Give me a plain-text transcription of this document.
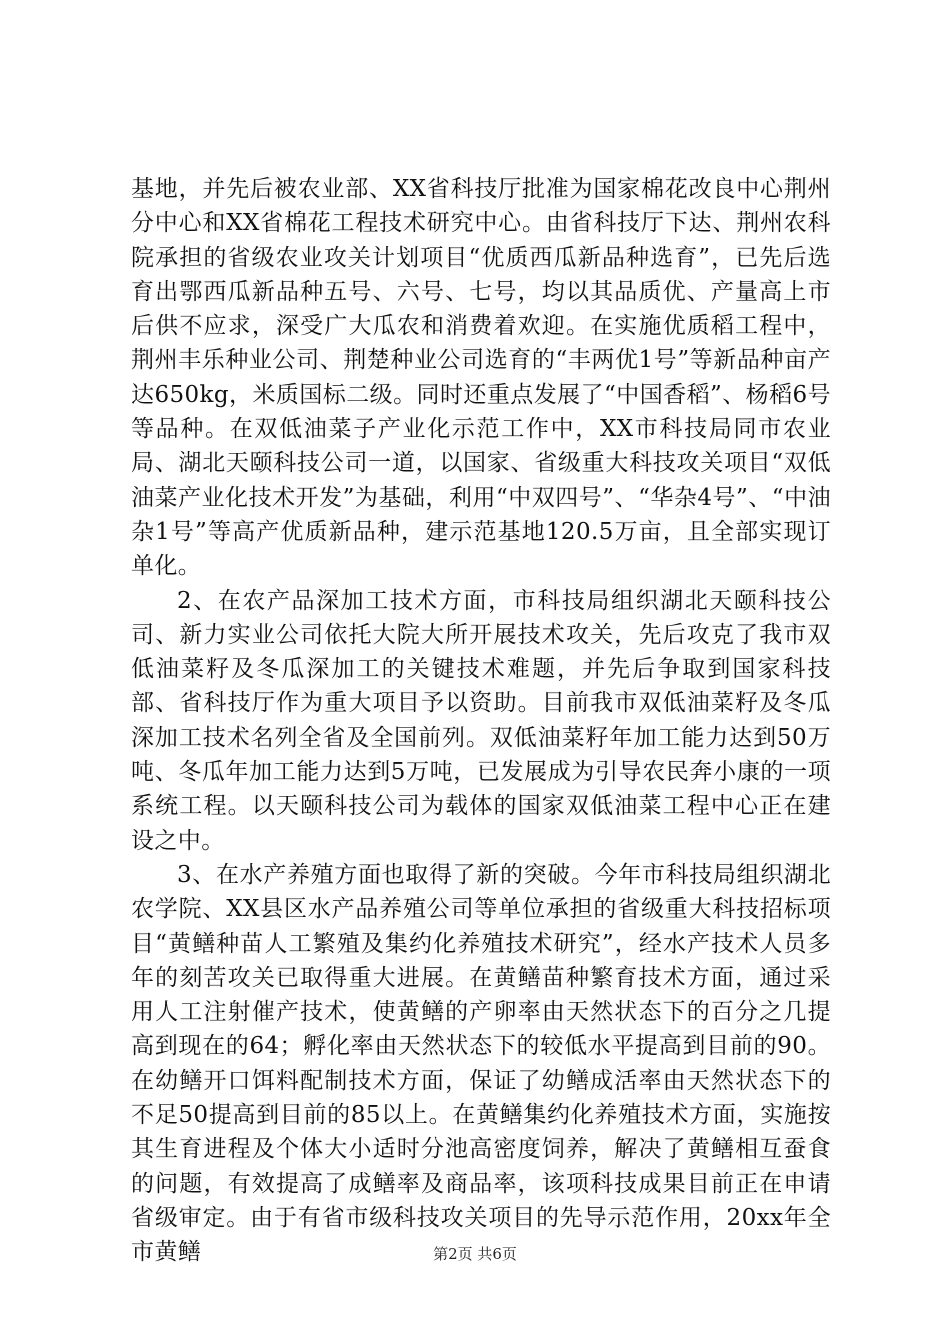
基地，并先后被农业部、XX省科技厅批准为国家棉花改良中心荆州分中心和XX省棉花工程技术研究中心。由省科技厅下达、荆州农科院承担的省级农业攻关计划项目“优质西瓜新品种选育”，已先后选育出鄂西瓜新品种五号、六号、七号，均以其品质优、产量高上市后供不应求，深受广大瓜农和消费着欢迎。在实施优质稻工程中，荆州丰乐种业公司、荆楚种业公司选育的“丰两优1号”等新品种亩产达650kg，米质国标二级。同时还重点发展了“中国香稻”、杨稻6号等品种。在双低油菜子产业化示范工作中，XX市科技局同市农业局、湖北天颐科技公司一道，以国家、省级重大科技攻关项目“双低油菜产业化技术开发”为基础，利用“中双四号”、“华杂4号”、“中油杂1号”等高产优质新品种，建示范基地120.5万亩，且全部实现订单化。

2、在农产品深加工技术方面，市科技局组织湖北天颐科技公司、新力实业公司依托大院大所开展技术攻关，先后攻克了我市双低油菜籽及冬瓜深加工的关键技术难题，并先后争取到国家科技部、省科技厅作为重大项目予以资助。目前我市双低油菜籽及冬瓜深加工技术名列全省及全国前列。双低油菜籽年加工能力达到50万吨、冬瓜年加工能力达到5万吨，已发展成为引导农民奔小康的一项系统工程。以天颐科技公司为载体的国家双低油菜工程中心正在建设之中。

3、在水产养殖方面也取得了新的突破。今年市科技局组织湖北农学院、XX县区水产品养殖公司等单位承担的省级重大科技招标项目“黄鳝种苗人工繁殖及集约化养殖技术研究”，经水产技术人员多年的刻苦攻关已取得重大进展。在黄鳝苗种繁育技术方面，通过采用人工注射催产技术，使黄鳝的产卵率由天然状态下的百分之几提高到现在的64；孵化率由天然状态下的较低水平提高到目前的90。在幼鳝开口饵料配制技术方面，保证了幼鳝成活率由天然状态下的不足50提高到目前的85以上。在黄鳝集约化养殖技术方面，实施按其生育进程及个体大小适时分池高密度饲养，解决了黄鳝相互蚕食的问题，有效提高了成鳝率及商品率，该项科技成果目前正在申请省级审定。由于有省市级科技攻关项目的先导示范作用，20xx年全市黄鳝	第2页 共6页
